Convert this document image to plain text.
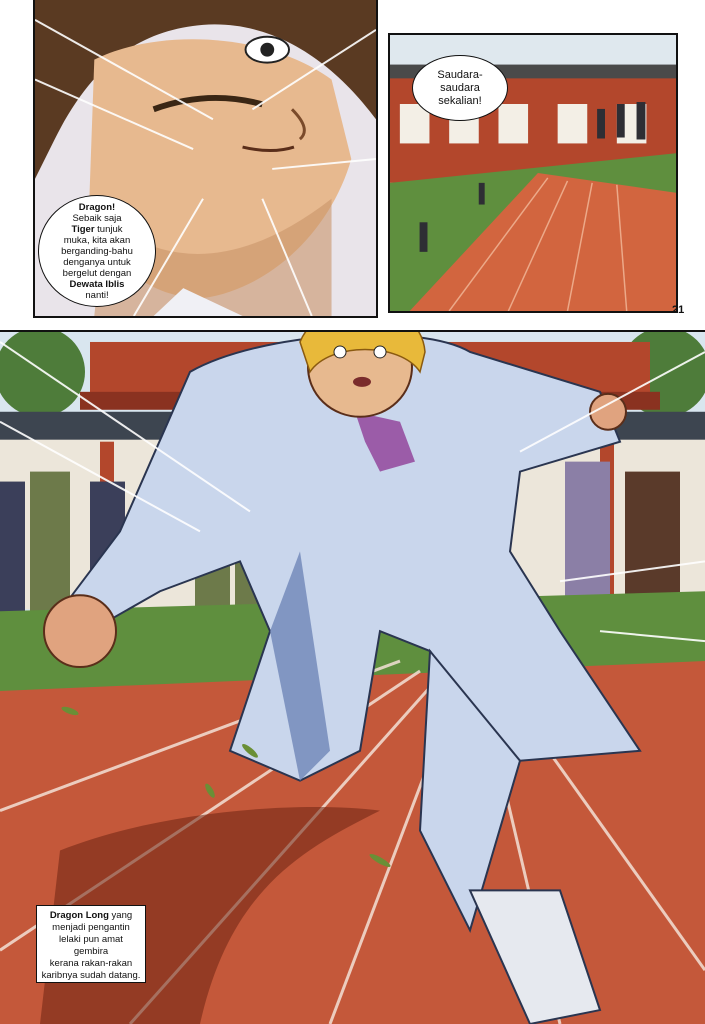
Dragon!
Sebaik saja
Tiger tunjuk
muka, kita akan
berganding-bahu
denganya untuk
bergelut dengan
Dewata Iblis
nanti!
Saudara-
saudara
sekalian!
21
Dragon Long yang
menjadi pengantin
lelaki pun amat gembira
kerana rakan-rakan
karibnya sudah datang.
